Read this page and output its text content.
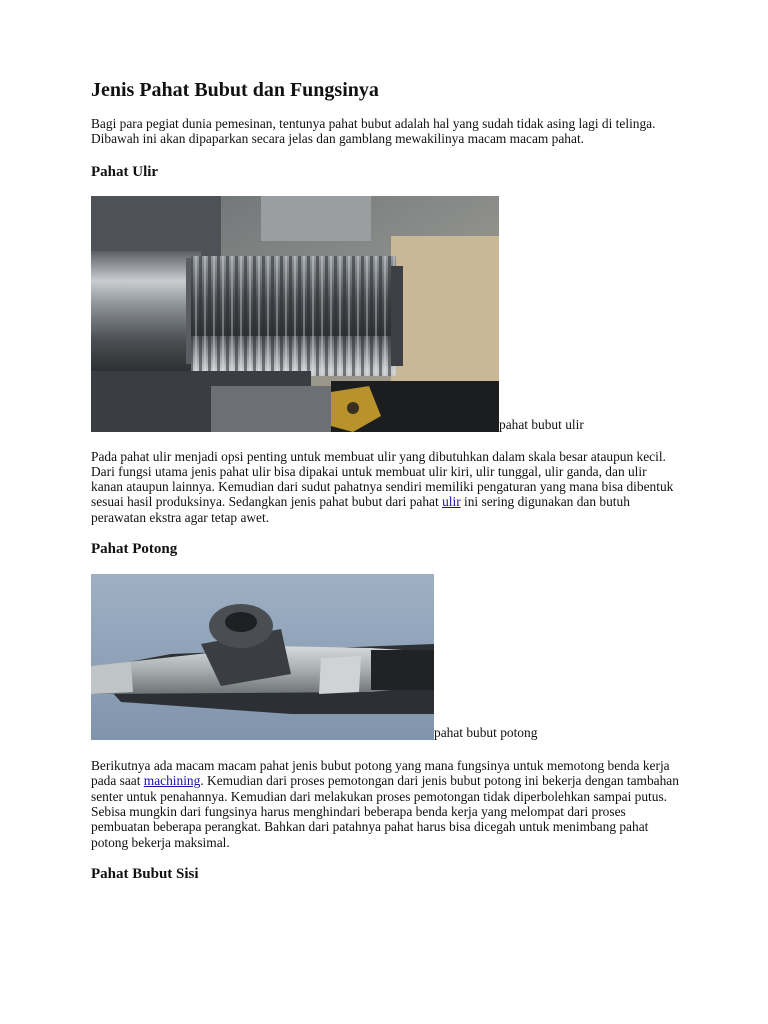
Jenis Pahat Bubut dan Fungsinya

Bagi para pegiat dunia pemesinan, tentunya pahat bubut adalah hal yang sudah tidak asing lagi di telinga. Dibawah ini akan dipaparkan secara jelas dan gamblang mewakilinya macam macam pahat.

Pahat Ulir
pahat bubut ulir

Pada pahat ulir menjadi opsi penting untuk membuat ulir yang dibutuhkan dalam skala besar ataupun kecil. Dari fungsi utama jenis pahat ulir bisa dipakai untuk membuat ulir kiri, ulir tunggal, ulir ganda, dan ulir kanan ataupun lainnya. Kemudian dari sudut pahatnya sendiri memiliki pengaturan yang mana bisa dibentuk sesuai hasil produksinya. Sedangkan jenis pahat bubut dari pahat ulir ini sering digunakan dan butuh perawatan ekstra agar tetap awet.

Pahat Potong
pahat bubut potong

Berikutnya ada macam macam pahat jenis bubut potong yang mana fungsinya untuk memotong benda kerja pada saat machining. Kemudian dari proses pemotongan dari jenis bubut potong ini bekerja dengan tambahan senter untuk penahannya. Kemudian dari melakukan proses pemotongan tidak diperbolehkan sampai putus. Sebisa mungkin dari fungsinya harus menghindari beberapa benda kerja yang melompat dari proses pembuatan beberapa perangkat. Bahkan dari patahnya pahat harus bisa dicegah untuk menimbang pahat potong bekerja maksimal.

Pahat Bubut Sisi
